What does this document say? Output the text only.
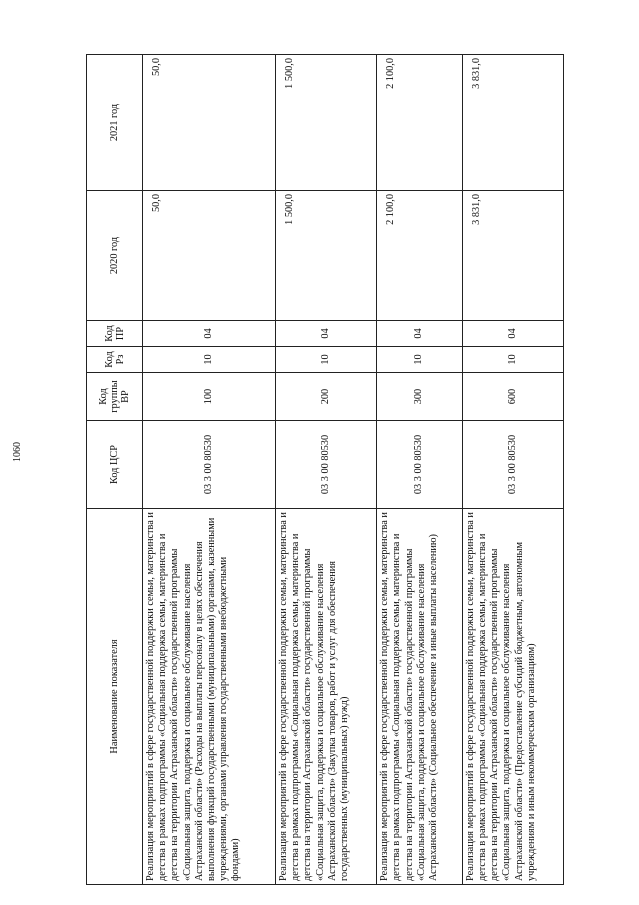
1060
Наименование показателя	Код ЦСР	Код группы ВР	Код Рз	Код ПР	2020 год	2021 год
Реализация мероприятий в сфере государственной поддержки семьи, материнства и детства в рамках подпрограммы «Социальная поддержка семьи, материнства и детства на территории Астраханской области» государственной программы «Социальная защита, поддержка и социальное обслуживание населения Астраханской области» (Расходы на выплаты персоналу в целях обеспечения выполнения функций государственными (муниципальными) органами, казенными учреждениями, органами управления государственными внебюджетными фондами)	03 3 00 80530	100	10	04	50,0	50,0
Реализация мероприятий в сфере государственной поддержки семьи, материнства и детства в рамках подпрограммы «Социальная поддержка семьи, материнства и детства на территории Астраханской области» государственной программы «Социальная защита, поддержка и социальное обслуживание населения Астраханской области» (Закупка товаров, работ и услуг для обеспечения государственных (муниципальных) нужд)	03 3 00 80530	200	10	04	1 500,0	1 500,0
Реализация мероприятий в сфере государственной поддержки семьи, материнства и детства в рамках подпрограммы «Социальная поддержка семьи, материнства и детства на территории Астраханской области» государственной программы «Социальная защита, поддержка и социальное обслуживание населения Астраханской области» (Социальное обеспечение и иные выплаты населению)	03 3 00 80530	300	10	04	2 100,0	2 100,0
Реализация мероприятий в сфере государственной поддержки семьи, материнства и детства в рамках подпрограммы «Социальная поддержка семьи, материнства и детства на территории Астраханской области» государственной программы «Социальная защита, поддержка и социальное обслуживание населения Астраханской области» (Предоставление субсидий бюджетным, автономным учреждениям и иным некоммерческим организациям)	03 3 00 80530	600	10	04	3 831,0	3 831,0
